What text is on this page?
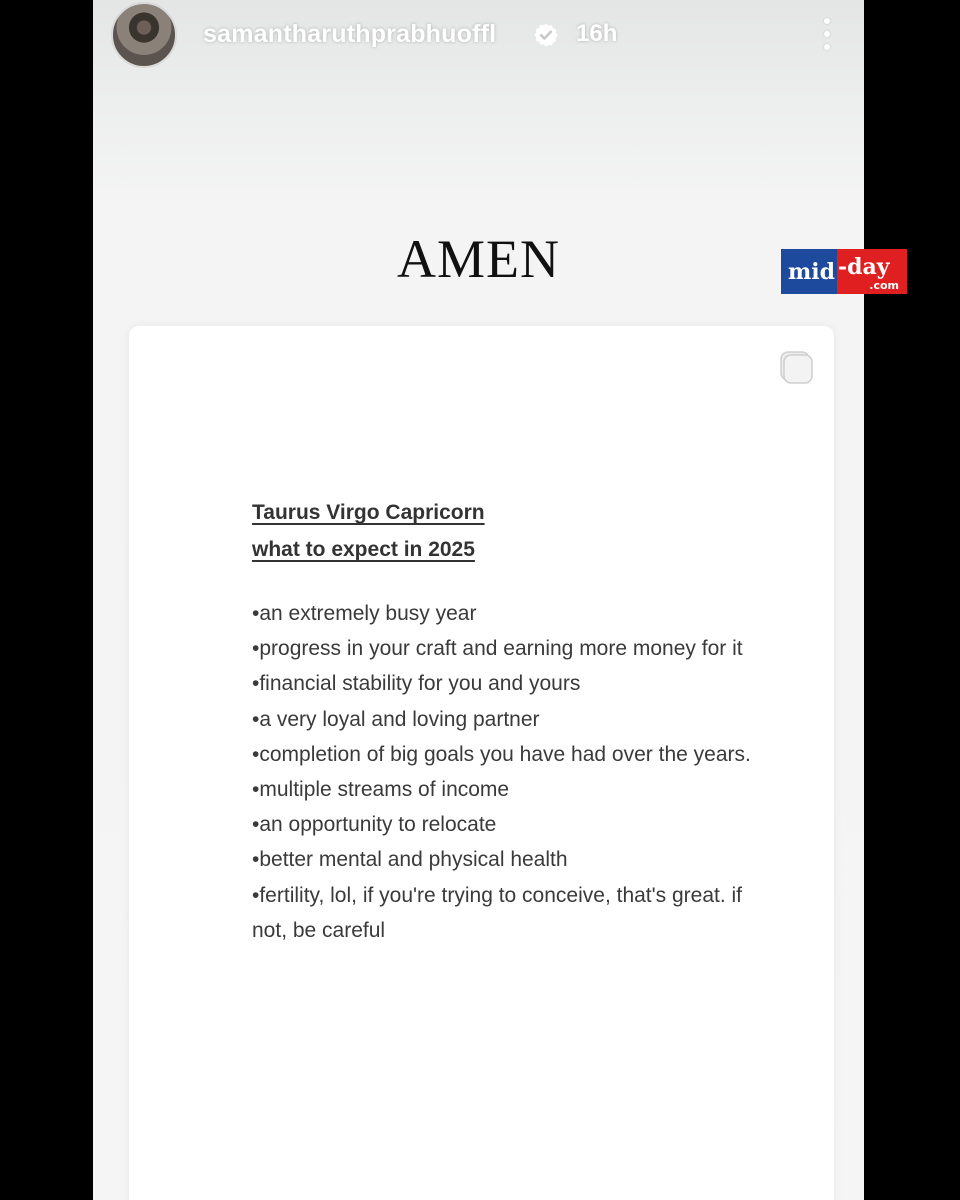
samantharuthprabhuoffl	16h
AMEN
Taurus Virgo Capricorn
what to expect in 2025
•an extremely busy year
•progress in your craft and earning more money for it
•financial stability for you and yours
•a very loyal and loving partner
•completion of big goals you have had over the years.
•multiple streams of income
•an opportunity to relocate
•better mental and physical health
•fertility, lol, if you're trying to conceive, that's great. if not, be careful
mid -day
.com
